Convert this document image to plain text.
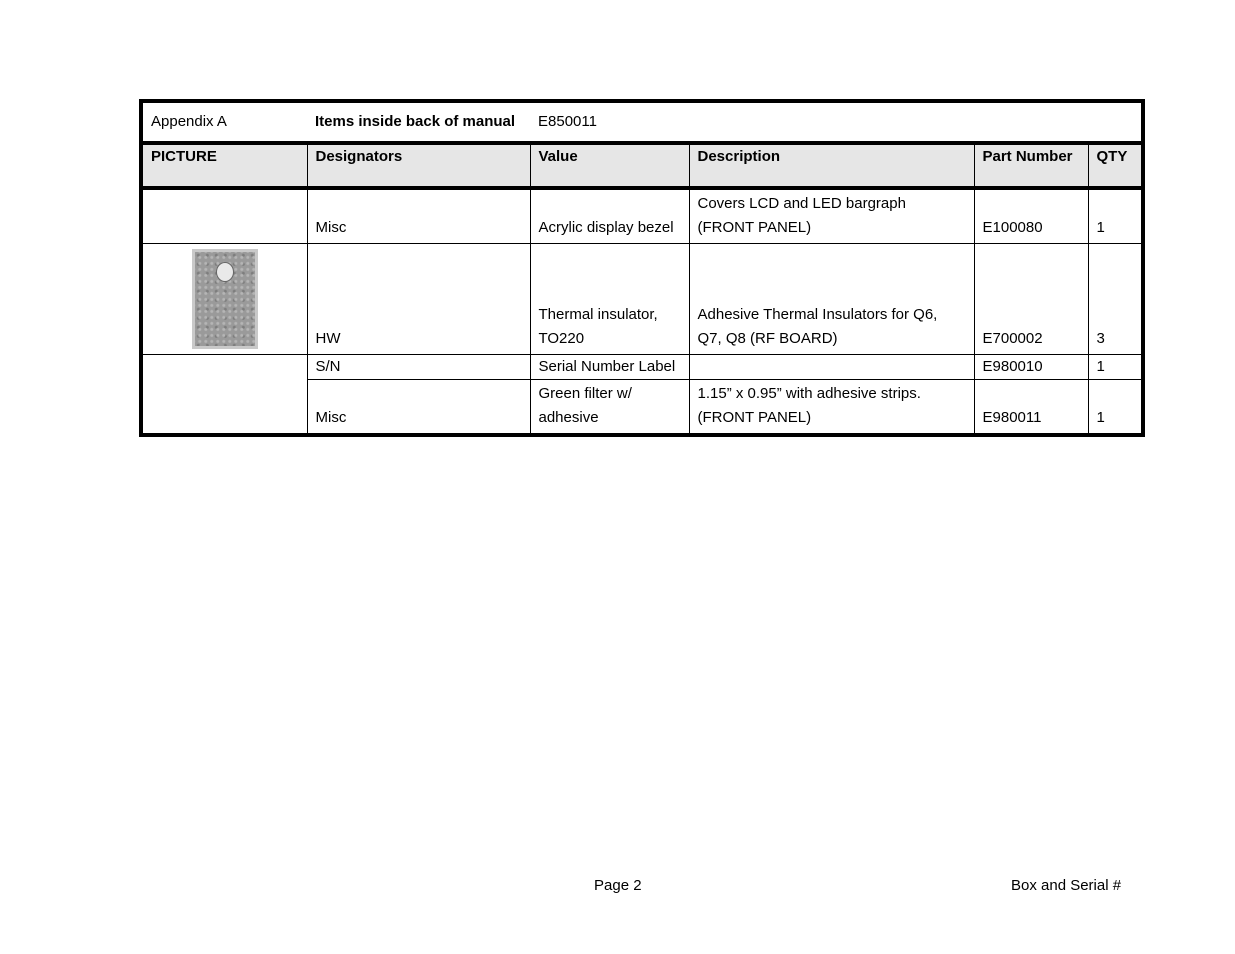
Appendix A	Items inside back of manual	E850011			
PICTURE	Designators	Value	Description	Part Number	QTY
	Misc	Acrylic display bezel	Covers LCD and LED bargraph (FRONT PANEL)	E100080	1

	HW	Thermal insulator, TO220	Adhesive Thermal Insulators for Q6, Q7, Q8 (RF BOARD)	E700002	3
	S/N	Serial Number Label		E980010	1
	Misc	Green filter w/ adhesive	1.15” x 0.95” with adhesive strips. (FRONT PANEL)	E980011	1
Page 2	Box and Serial #
